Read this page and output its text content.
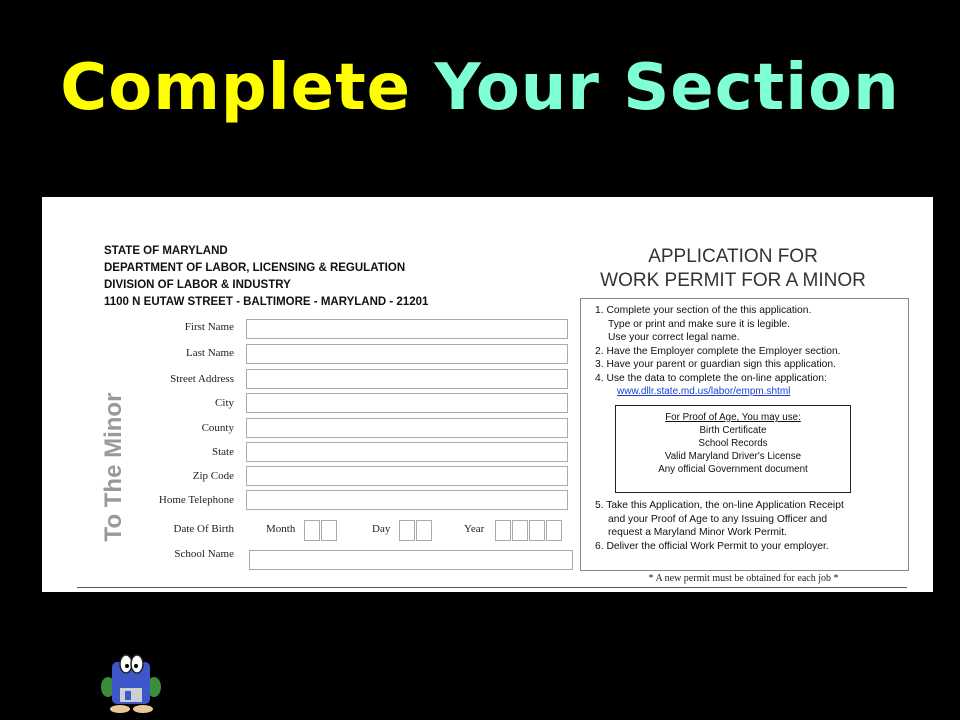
Complete Your Section
STATE OF MARYLAND
DEPARTMENT OF LABOR, LICENSING & REGULATION
DIVISION OF LABOR & INDUSTRY
1100 N EUTAW STREET - BALTIMORE - MARYLAND - 21201
APPLICATION FOR
WORK PERMIT FOR A MINOR
To The Minor
First Name
Last Name
Street Address
City
County
State
Zip Code
Home Telephone
Date Of Birth	Month	Day	Year
School Name
1. Complete your section of the this application.
Type or print and make sure it is legible.
Use your correct legal name.
2. Have the Employer complete the Employer section.
3. Have your parent or guardian sign this application.
4. Use the data to complete the on-line application:
www.dllr.state.md.us/labor/empm.shtml
For Proof of Age, You may use:
Birth Certificate
School Records
Valid Maryland Driver's License
Any official Government document
5. Take this Application, the on-line Application Receipt
and your Proof of Age to any Issuing Officer and
request a Maryland Minor Work Permit.
6. Deliver the official Work Permit to your employer.
* A new permit must be obtained for each job *
